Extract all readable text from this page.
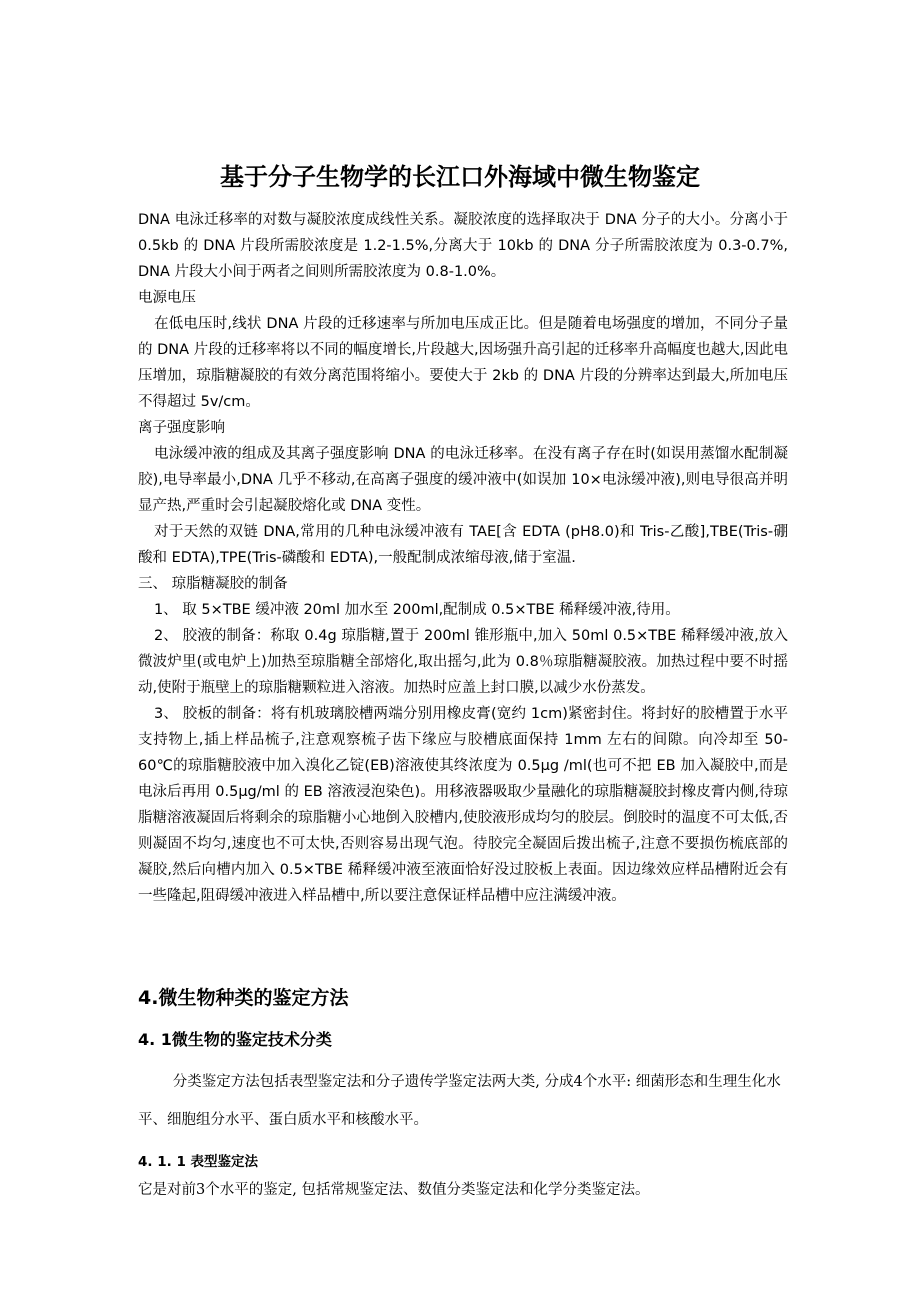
基于分子生物学的长江口外海域中微生物鉴定

DNA 电泳迁移率的对数与凝胶浓度成线性关系。凝胶浓度的选择取决于 DNA 分子的大小。分离小于 0.5kb 的 DNA 片段所需胶浓度是 1.2-1.5%,分离大于 10kb 的 DNA 分子所需胶浓度为 0.3-0.7%, DNA 片段大小间于两者之间则所需胶浓度为 0.8-1.0%。

电源电压

在低电压时,线状 DNA 片段的迁移速率与所加电压成正比。但是随着电场强度的增加，不同分子量的 DNA 片段的迁移率将以不同的幅度增长,片段越大,因场强升高引起的迁移率升高幅度也越大,因此电压增加，琼脂糖凝胶的有效分离范围将缩小。要使大于 2kb 的 DNA 片段的分辨率达到最大,所加电压不得超过 5v/cm。

离子强度影响

电泳缓冲液的组成及其离子强度影响 DNA 的电泳迁移率。在没有离子存在时(如误用蒸馏水配制凝胶),电导率最小,DNA 几乎不移动,在高离子强度的缓冲液中(如误加 10×电泳缓冲液),则电导很高并明显产热,严重时会引起凝胶熔化或 DNA 变性。

对于天然的双链 DNA,常用的几种电泳缓冲液有 TAE[含 EDTA (pH8.0)和 Tris-乙酸],TBE(Tris-硼酸和 EDTA),TPE(Tris-磷酸和 EDTA),一般配制成浓缩母液,储于室温.

三、 琼脂糖凝胶的制备

1、 取 5×TBE 缓冲液 20ml 加水至 200ml,配制成 0.5×TBE 稀释缓冲液,待用。

2、 胶液的制备：称取 0.4g 琼脂糖,置于 200ml 锥形瓶中,加入 50ml 0.5×TBE 稀释缓冲液,放入微波炉里(或电炉上)加热至琼脂糖全部熔化,取出摇匀,此为 0.8％琼脂糖凝胶液。加热过程中要不时摇动,使附于瓶壁上的琼脂糖颗粒进入溶液。加热时应盖上封口膜,以减少水份蒸发。

3、 胶板的制备：将有机玻璃胶槽两端分别用橡皮膏(宽约 1cm)紧密封住。将封好的胶槽置于水平支持物上,插上样品梳子,注意观察梳子齿下缘应与胶槽底面保持 1mm 左右的间隙。向冷却至 50-60℃的琼脂糖胶液中加入溴化乙锭(EB)溶液使其终浓度为 0.5μg /ml(也可不把 EB 加入凝胶中,而是电泳后再用 0.5μg/ml 的 EB 溶液浸泡染色)。用移液器吸取少量融化的琼脂糖凝胶封橡皮膏内侧,待琼脂糖溶液凝固后将剩余的琼脂糖小心地倒入胶槽内,使胶液形成均匀的胶层。倒胶时的温度不可太低,否则凝固不均匀,速度也不可太快,否则容易出现气泡。待胶完全凝固后拨出梳子,注意不要损伤梳底部的凝胶,然后向槽内加入 0.5×TBE 稀释缓冲液至液面恰好没过胶板上表面。因边缘效应样品槽附近会有一些隆起,阻碍缓冲液进入样品槽中,所以要注意保证样品槽中应注满缓冲液。

4.微生物种类的鉴定方法
4. 1微生物的鉴定技术分类

分类鉴定方法包括表型鉴定法和分子遗传学鉴定法两大类, 分成4个水平: 细菌形态和生理生化水平、细胞组分水平、蛋白质水平和核酸水平。

4. 1. 1 表型鉴定法

它是对前3个水平的鉴定, 包括常规鉴定法、数值分类鉴定法和化学分类鉴定法。
